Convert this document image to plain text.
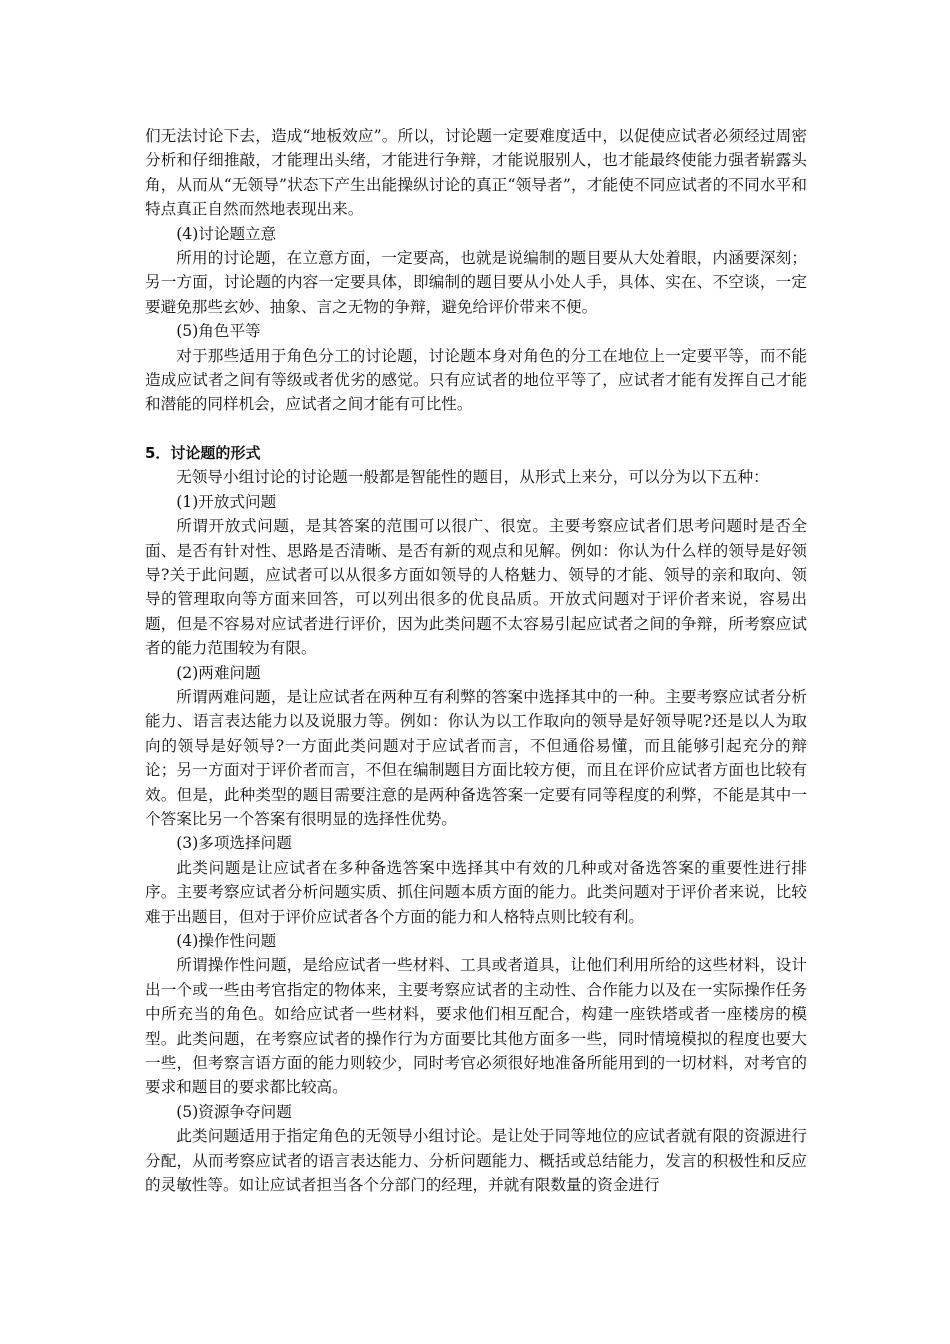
们无法讨论下去，造成“地板效应”。所以，讨论题一定要难度适中，以促使应试者必须经过周密分析和仔细推敲，才能理出头绪，才能进行争辩，才能说服别人，也才能最终使能力强者崭露头角，从而从“无领导”状态下产生出能操纵讨论的真正“领导者”，才能使不同应试者的不同水平和特点真正自然而然地表现出来。

(4)讨论题立意

所用的讨论题，在立意方面，一定要高，也就是说编制的题目要从大处着眼，内涵要深刻；另一方面，讨论题的内容一定要具体，即编制的题目要从小处人手，具体、实在、不空谈，一定要避免那些玄妙、抽象、言之无物的争辩，避免给评价带来不便。

(5)角色平等

对于那些适用于角色分工的讨论题，讨论题本身对角色的分工在地位上一定要平等，而不能造成应试者之间有等级或者优劣的感觉。只有应试者的地位平等了，应试者才能有发挥自己才能和潜能的同样机会，应试者之间才能有可比性。

5．讨论题的形式

无领导小组讨论的讨论题一般都是智能性的题目，从形式上来分，可以分为以下五种：

(1)开放式问题

所谓开放式问题，是其答案的范围可以很广、很宽。主要考察应试者们思考问题时是否全面、是否有针对性、思路是否清晰、是否有新的观点和见解。例如：你认为什么样的领导是好领导?关于此问题，应试者可以从很多方面如领导的人格魅力、领导的才能、领导的亲和取向、领导的管理取向等方面来回答，可以列出很多的优良品质。开放式问题对于评价者来说，容易出题，但是不容易对应试者进行评价，因为此类问题不太容易引起应试者之间的争辩，所考察应试者的能力范围较为有限。

(2)两难问题

所谓两难问题，是让应试者在两种互有利弊的答案中选择其中的一种。主要考察应试者分析能力、语言表达能力以及说服力等。例如：你认为以工作取向的领导是好领导呢?还是以人为取向的领导是好领导?一方面此类问题对于应试者而言，不但通俗易懂，而且能够引起充分的辩论；另一方面对于评价者而言，不但在编制题目方面比较方便，而且在评价应试者方面也比较有效。但是，此种类型的题目需要注意的是两种备选答案一定要有同等程度的利弊，不能是其中一个答案比另一个答案有很明显的选择性优势。

(3)多项选择问题

此类问题是让应试者在多种备选答案中选择其中有效的几种或对备选答案的重要性进行排序。主要考察应试者分析问题实质、抓住问题本质方面的能力。此类问题对于评价者来说，比较难于出题目，但对于评价应试者各个方面的能力和人格特点则比较有利。

(4)操作性问题

所谓操作性问题，是给应试者一些材料、工具或者道具，让他们利用所给的这些材料，设计出一个或一些由考官指定的物体来，主要考察应试者的主动性、合作能力以及在一实际操作任务中所充当的角色。如给应试者一些材料，要求他们相互配合，构建一座铁塔或者一座楼房的模型。此类问题，在考察应试者的操作行为方面要比其他方面多一些，同时情境模拟的程度也要大一些，但考察言语方面的能力则较少，同时考官必须很好地准备所能用到的一切材料，对考官的要求和题目的要求都比较高。

(5)资源争夺问题

此类问题适用于指定角色的无领导小组讨论。是让处于同等地位的应试者就有限的资源进行分配，从而考察应试者的语言表达能力、分析问题能力、概括或总结能力，发言的积极性和反应的灵敏性等。如让应试者担当各个分部门的经理，并就有限数量的资金进行
